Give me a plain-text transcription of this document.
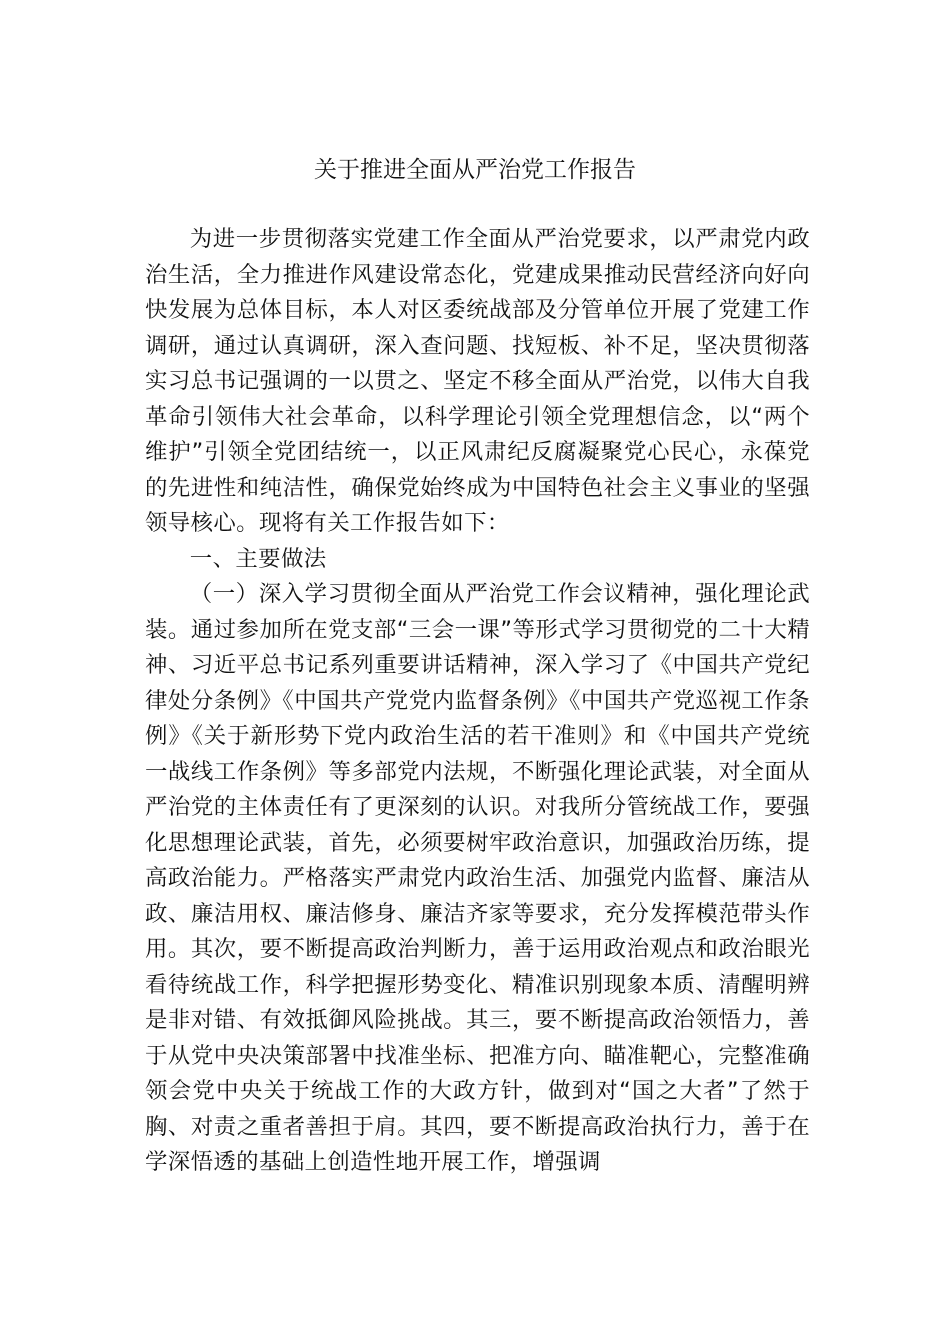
关于推进全面从严治党工作报告

为进一步贯彻落实党建工作全面从严治党要求，以严肃党内政治生活，全力推进作风建设常态化，党建成果推动民营经济向好向快发展为总体目标，本人对区委统战部及分管单位开展了党建工作调研，通过认真调研，深入查问题、找短板、补不足，坚决贯彻落实习总书记强调的一以贯之、坚定不移全面从严治党，以伟大自我革命引领伟大社会革命，以科学理论引领全党理想信念，以“两个维护”引领全党团结统一，以正风肃纪反腐凝聚党心民心，永葆党的先进性和纯洁性，确保党始终成为中国特色社会主义事业的坚强领导核心。现将有关工作报告如下：

一、主要做法

（一）深入学习贯彻全面从严治党工作会议精神，强化理论武装。通过参加所在党支部“三会一课”等形式学习贯彻党的二十大精神、习近平总书记系列重要讲话精神，深入学习了《中国共产党纪律处分条例》《中国共产党党内监督条例》《中国共产党巡视工作条例》《关于新形势下党内政治生活的若干准则》和《中国共产党统一战线工作条例》等多部党内法规，不断强化理论武装，对全面从严治党的主体责任有了更深刻的认识。对我所分管统战工作，要强化思想理论武装，首先，必须要树牢政治意识，加强政治历练，提高政治能力。严格落实严肃党内政治生活、加强党内监督、廉洁从政、廉洁用权、廉洁修身、廉洁齐家等要求，充分发挥模范带头作用。其次，要不断提高政治判断力，善于运用政治观点和政治眼光看待统战工作，科学把握形势变化、精准识别现象本质、清醒明辨是非对错、有效抵御风险挑战。其三，要不断提高政治领悟力，善于从党中央决策部署中找准坐标、把准方向、瞄准靶心，完整准确领会党中央关于统战工作的大政方针，做到对“国之大者”了然于胸、对责之重者善担于肩。其四，要不断提高政治执行力，善于在学深悟透的基础上创造性地开展工作，增强调
